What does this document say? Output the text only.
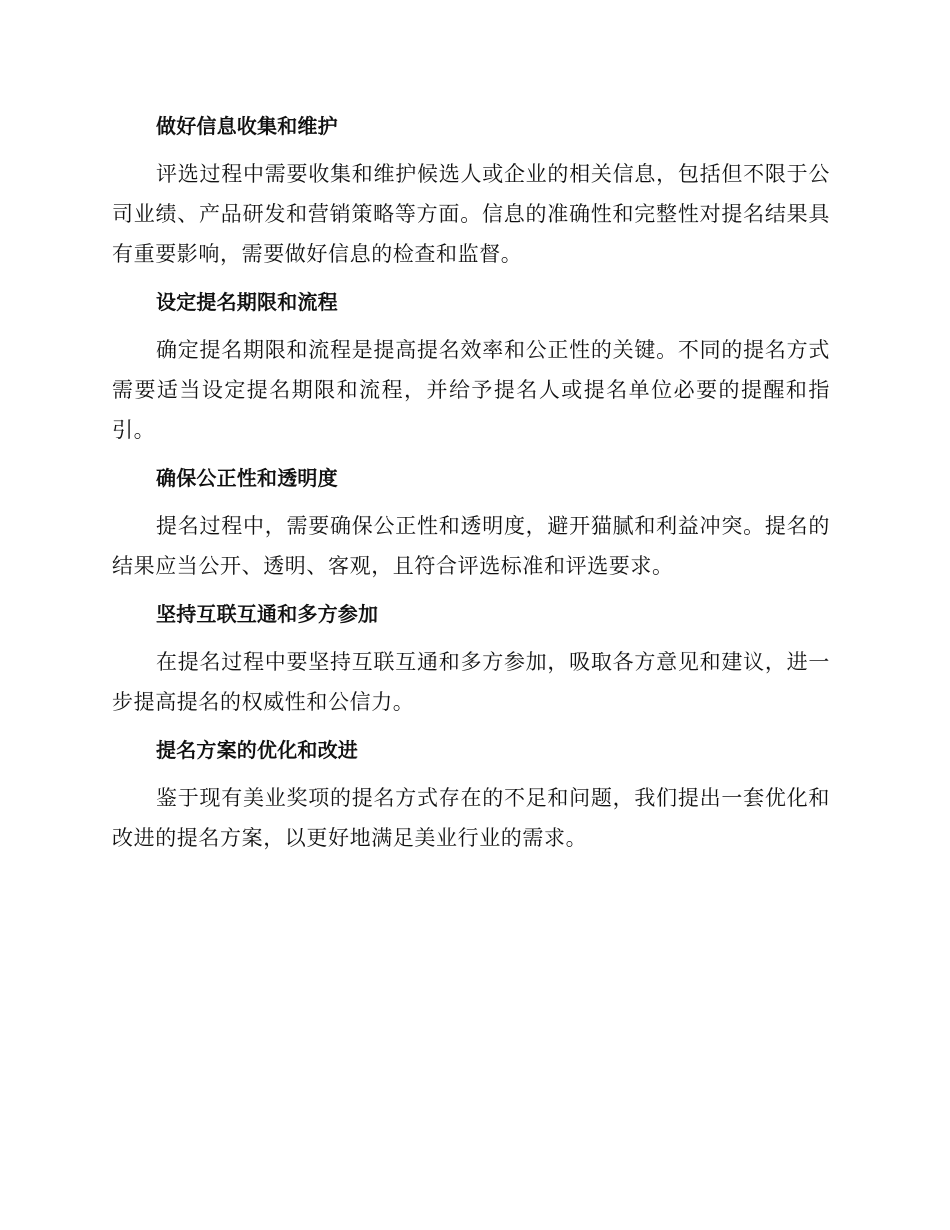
做好信息收集和维护

评选过程中需要收集和维护候选人或企业的相关信息，包括但不限于公司业绩、产品研发和营销策略等方面。信息的准确性和完整性对提名结果具有重要影响，需要做好信息的检查和监督。

设定提名期限和流程

确定提名期限和流程是提高提名效率和公正性的关键。不同的提名方式需要适当设定提名期限和流程，并给予提名人或提名单位必要的提醒和指引。

确保公正性和透明度

提名过程中，需要确保公正性和透明度，避开猫腻和利益冲突。提名的结果应当公开、透明、客观，且符合评选标准和评选要求。

坚持互联互通和多方参加

在提名过程中要坚持互联互通和多方参加，吸取各方意见和建议，进一步提高提名的权威性和公信力。

提名方案的优化和改进

鉴于现有美业奖项的提名方式存在的不足和问题，我们提出一套优化和改进的提名方案，以更好地满足美业行业的需求。
